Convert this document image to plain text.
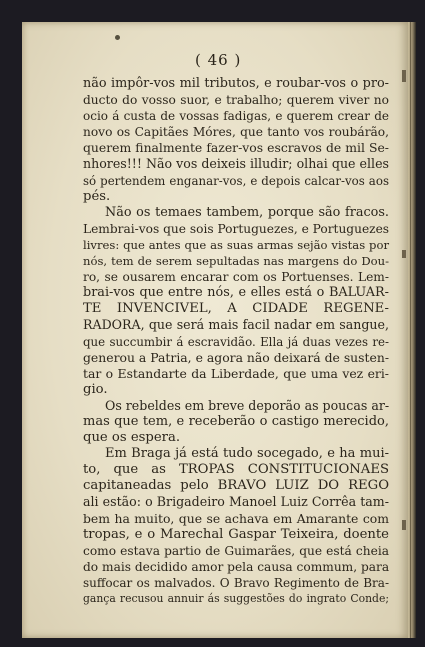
( 46 )
não impôr-vos mil tributos, e roubar-vos o pro-
ducto do vosso suor, e trabalho; querem viver no
ocio á custa de vossas fadigas, e querem crear de
novo os Capitães Móres, que tanto vos roubárão,
querem finalmente fazer-vos escravos de mil Se-
nhores!!! Não vos deixeis illudir; olhai que elles
só pertendem enganar-vos, e depois calcar-vos aos
pés.
Não os temaes tambem, porque são fracos.
Lembrai-vos que sois Portuguezes, e Portuguezes
livres: que antes que as suas armas sejão vistas por
nós, tem de serem sepultadas nas margens do Dou-
ro, se ousarem encarar com os Portuenses. Lem-
brai-vos que entre nós, e elles está o BALUAR-
TE INVENCIVEL, A CIDADE REGENE-
RADORA, que será mais facil nadar em sangue,
que succumbir á escravidão. Ella já duas vezes re-
generou a Patria, e agora não deixará de susten-
tar o Estandarte da Liberdade, que uma vez eri-
gio.
Os rebeldes em breve deporão as poucas ar-
mas que tem, e receberão o castigo merecido,
que os espera.
Em Braga já está tudo socegado, e ha mui-
to, que as TROPAS CONSTITUCIONAES
capitaneadas pelo BRAVO LUIZ DO REGO
ali estão: o Brigadeiro Manoel Luiz Corrêa tam-
bem ha muito, que se achava em Amarante com
tropas, e o Marechal Gaspar Teixeira, doente
como estava partio de Guimarães, que está cheia
do mais decidido amor pela causa commum, para
suffocar os malvados. O Bravo Regimento de Bra-
gança recusou annuir ás suggestões do ingrato Conde;
